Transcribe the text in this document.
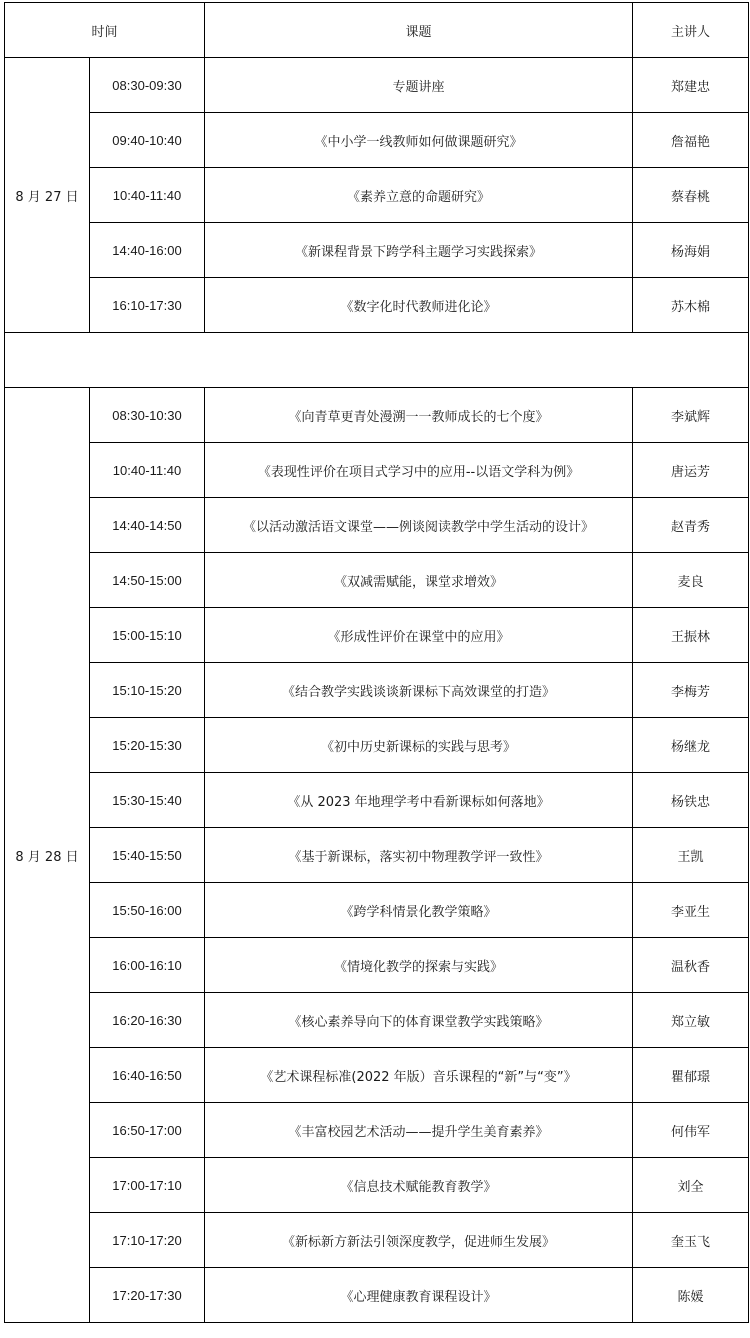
时间		课题	主讲人
8 月 27 日	08:30-09:30	专题讲座	郑建忠
	09:40-10:40	《中小学一线教师如何做课题研究》	詹福艳
	10:40-11:40	《素养立意的命题研究》	蔡春桃
	14:40-16:00	《新课程背景下跨学科主题学习实践探索》	杨海娟
	16:10-17:30	《数字化时代教师进化论》	苏木棉

8 月 28 日	08:30-10:30	《向青草更青处漫溯一一教师成长的七个度》	李斌辉
	10:40-11:40	《表现性评价在项目式学习中的应用--以语文学科为例》	唐运芳
	14:40-14:50	《以活动激活语文课堂——例谈阅读教学中学生活动的设计》	赵青秀
	14:50-15:00	《双减需赋能，课堂求增效》	麦良
	15:00-15:10	《形成性评价在课堂中的应用》	王振林
	15:10-15:20	《结合教学实践谈谈新课标下高效课堂的打造》	李梅芳
	15:20-15:30	《初中历史新课标的实践与思考》	杨继龙
	15:30-15:40	《从 2023 年地理学考中看新课标如何落地》	杨铁忠
	15:40-15:50	《基于新课标，落实初中物理教学评一致性》	王凯
	15:50-16:00	《跨学科情景化教学策略》	李亚生
	16:00-16:10	《情境化教学的探索与实践》	温秋香
	16:20-16:30	《核心素养导向下的体育课堂教学实践策略》	郑立敏
	16:40-16:50	《艺术课程标准(2022 年版）音乐课程的“新”与“变”》	瞿郁璟
	16:50-17:00	《丰富校园艺术活动——提升学生美育素养》	何伟军
	17:00-17:10	《信息技术赋能教育教学》	刘全
	17:10-17:20	《新标新方新法引领深度教学，促进师生发展》	奎玉飞
	17:20-17:30	《心理健康教育课程设计》	陈媛
